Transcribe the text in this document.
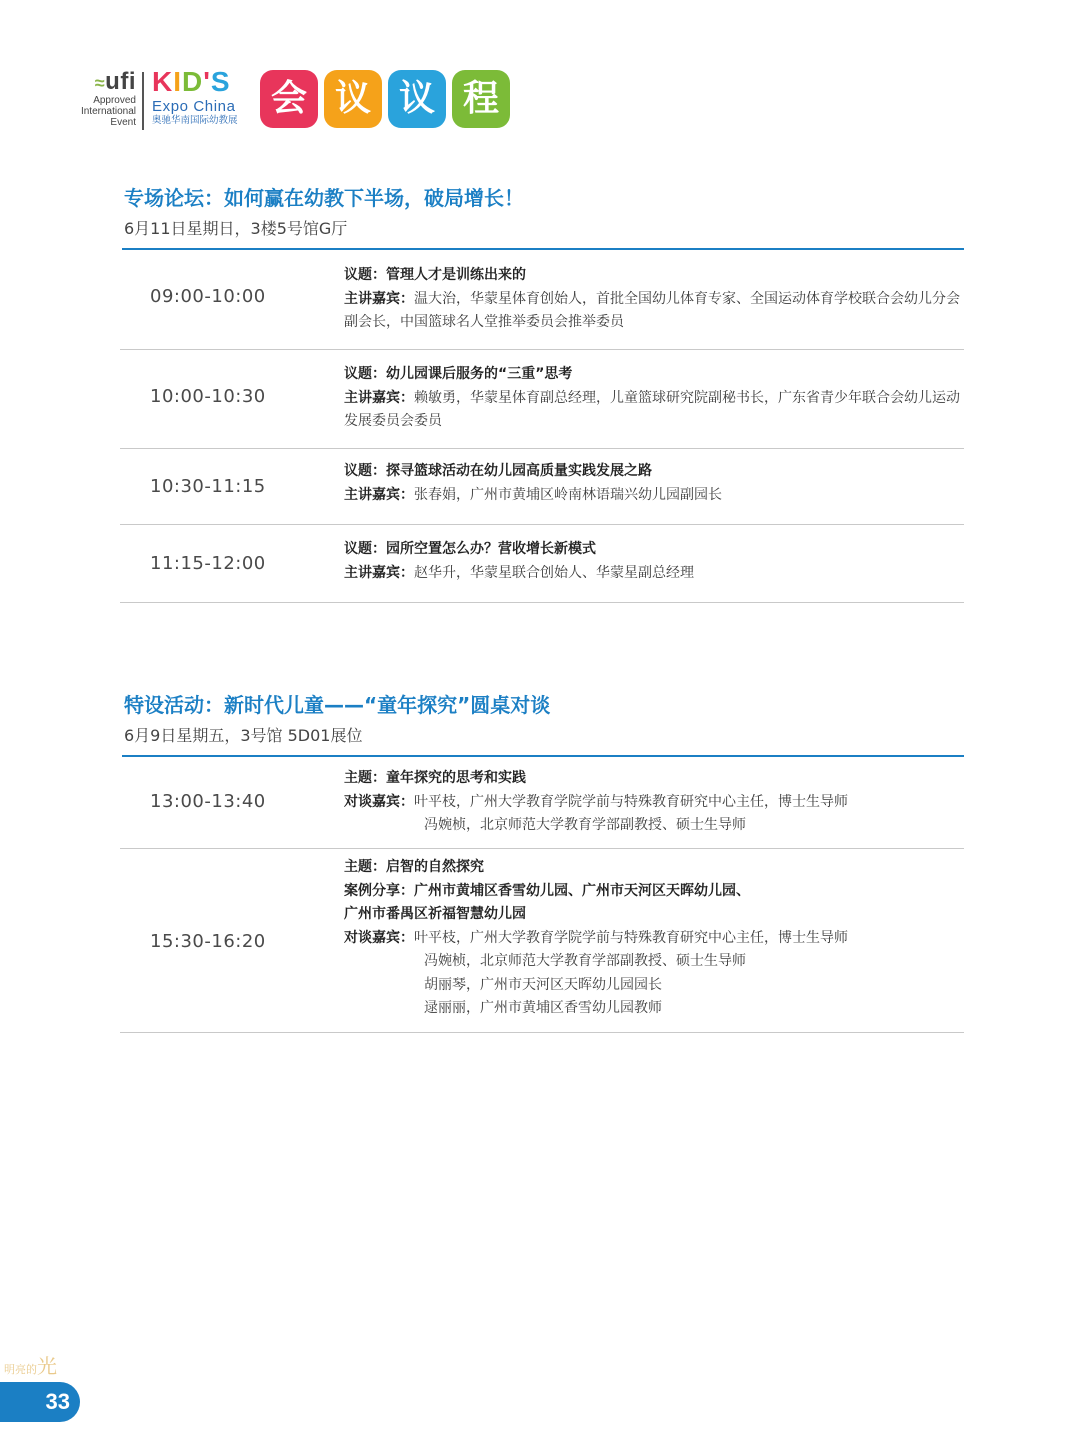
≈ufi
Approved
International
Event
KID'S
Expo China
奥驰华南国际幼教展
会 议 议 程
专场论坛：如何赢在幼教下半场，破局增长！
6月11日星期日，3楼5号馆G厅
09:00-10:00
议题：管理人才是训练出来的
主讲嘉宾：温大治，华蒙星体育创始人，首批全国幼儿体育专家、全国运动体育学校联合会幼儿分会副会长，中国篮球名人堂推举委员会推举委员
10:00-10:30
议题：幼儿园课后服务的“三重”思考
主讲嘉宾：赖敏勇，华蒙星体育副总经理，儿童篮球研究院副秘书长，广东省青少年联合会幼儿运动发展委员会委员
10:30-11:15
议题：探寻篮球活动在幼儿园高质量实践发展之路
主讲嘉宾：张春娟，广州市黄埔区岭南林语瑞兴幼儿园副园长
11:15-12:00
议题：园所空置怎么办？营收增长新模式
主讲嘉宾：赵华升，华蒙星联合创始人、华蒙星副总经理
特设活动：新时代儿童——“童年探究”圆桌对谈
6月9日星期五，3号馆 5D01展位
13:00-13:40
主题：童年探究的思考和实践
对谈嘉宾：叶平枝，广州大学教育学院学前与特殊教育研究中心主任，博士生导师
冯婉桢，北京师范大学教育学部副教授、硕士生导师
15:30-16:20
主题：启智的自然探究
案例分享：广州市黄埔区香雪幼儿园、广州市天河区天晖幼儿园、
广州市番禺区祈福智慧幼儿园
对谈嘉宾：叶平枝，广州大学教育学院学前与特殊教育研究中心主任，博士生导师
冯婉桢，北京师范大学教育学部副教授、硕士生导师
胡丽琴，广州市天河区天晖幼儿园园长
逯丽丽，广州市黄埔区香雪幼儿园教师
明亮的光
33
